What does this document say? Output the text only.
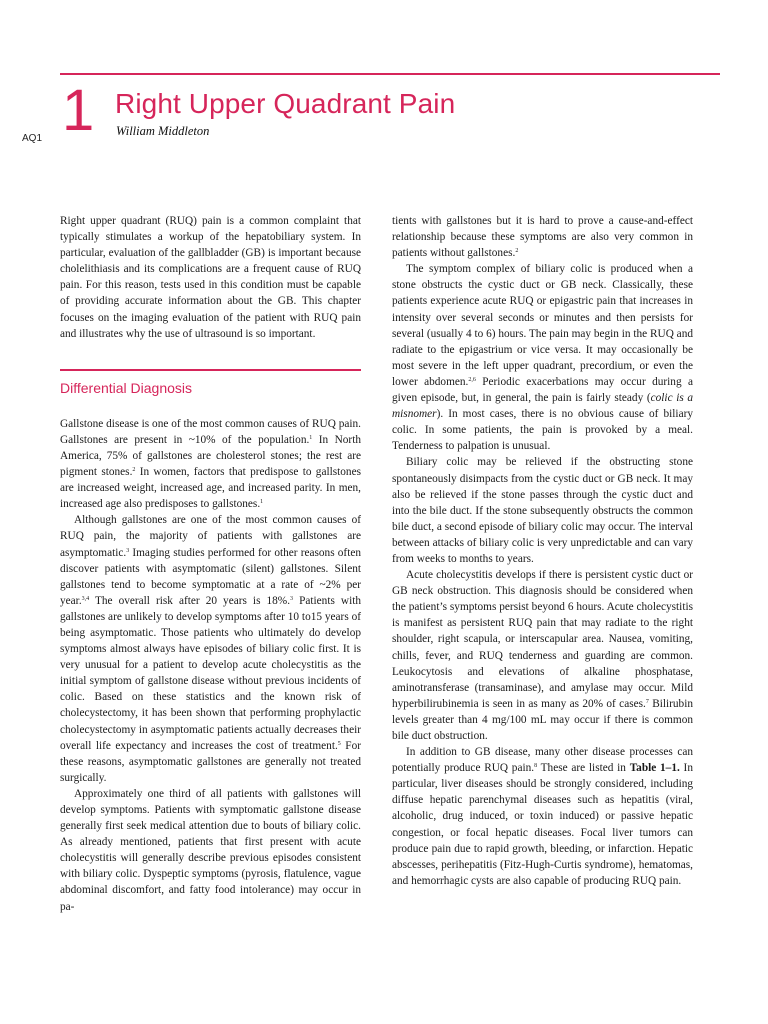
AQ1 1 Right Upper Quadrant Pain
William Middleton

Right upper quadrant (RUQ) pain is a common complaint that typically stimulates a workup of the hepatobiliary system. In particular, evaluation of the gallbladder (GB) is important because cholelithiasis and its complications are a frequent cause of RUQ pain. For this reason, tests used in this condition must be capable of providing accurate information about the GB. This chapter focuses on the imaging evaluation of the patient with RUQ pain and illustrates why the use of ultrasound is so important.

Differential Diagnosis

Gallstone disease is one of the most common causes of RUQ pain. Gallstones are present in ~10% of the population.$^1$ In North America, 75% of gallstones are cholesterol stones; the rest are pigment stones.$^2$ In women, factors that predispose to gallstones are increased weight, increased age, and increased parity. In men, increased age also predisposes to gallstones.$^1$

Although gallstones are one of the most common causes of RUQ pain, the majority of patients with gallstones are asymptomatic.$^3$ Imaging studies performed for other reasons often discover patients with asymptomatic (silent) gallstones. Silent gallstones tend to become symptomatic at a rate of ~2% per year.$^{3,4}$ The overall risk after 20 years is 18%.$^3$ Patients with gallstones are unlikely to develop symptoms after 10 to15 years of being asymptomatic. Those patients who ultimately do develop symptoms almost always have episodes of biliary colic first. It is very unusual for a patient to develop acute cholecystitis as the initial symptom of gallstone disease without previous incidents of colic. Based on these statistics and the known risk of cholecystectomy, it has been shown that performing prophylactic cholecystectomy in asymptomatic patients actually decreases their overall life expectancy and increases the cost of treatment.$^5$ For these reasons, asymptomatic gallstones are generally not treated surgically.

Approximately one third of all patients with gallstones will develop symptoms. Patients with symptomatic gallstone disease generally first seek medical attention due to bouts of biliary colic. As already mentioned, patients that first present with acute cholecystitis will generally describe previous episodes consistent with biliary colic. Dyspeptic symptoms (pyrosis, flatulence, vague abdominal discomfort, and fatty food intolerance) may occur in pa-

tients with gallstones but it is hard to prove a cause-and-effect relationship because these symptoms are also very common in patients without gallstones.$^2$

The symptom complex of biliary colic is produced when a stone obstructs the cystic duct or GB neck. Classically, these patients experience acute RUQ or epigastric pain that increases in intensity over several seconds or minutes and then persists for several (usually 4 to 6) hours. The pain may begin in the RUQ and radiate to the epigastrium or vice versa. It may occasionally be most severe in the left upper quadrant, precordium, or even the lower abdomen.$^{2,6}$ Periodic exacerbations may occur during a given episode, but, in general, the pain is fairly steady (colic is a misnomer). In most cases, there is no obvious cause of biliary colic. In some patients, the pain is provoked by a meal. Tenderness to palpation is unusual.

Biliary colic may be relieved if the obstructing stone spontaneously disimpacts from the cystic duct or GB neck. It may also be relieved if the stone passes through the cystic duct and into the bile duct. If the stone subsequently obstructs the common bile duct, a second episode of biliary colic may occur. The interval between attacks of biliary colic is very unpredictable and can vary from weeks to months to years.

Acute cholecystitis develops if there is persistent cystic duct or GB neck obstruction. This diagnosis should be considered when the patient’s symptoms persist beyond 6 hours. Acute cholecystitis is manifest as persistent RUQ pain that may radiate to the right shoulder, right scapula, or interscapular area. Nausea, vomiting, chills, fever, and RUQ tenderness and guarding are common. Leukocytosis and elevations of alkaline phosphatase, aminotransferase (transaminase), and amylase may occur. Mild hyperbilirubinemia is seen in as many as 20% of cases.$^7$ Bilirubin levels greater than 4 mg/100 mL may occur if there is common bile duct obstruction.

In addition to GB disease, many other disease processes can potentially produce RUQ pain.$^8$ These are listed in Table 1–1. In particular, liver diseases should be strongly considered, including diffuse hepatic parenchymal diseases such as hepatitis (viral, alcoholic, drug induced, or toxin induced) or passive hepatic congestion, or focal hepatic diseases. Focal liver tumors can produce pain due to rapid growth, bleeding, or infarction. Hepatic abscesses, perihepatitis (Fitz-Hugh-Curtis syndrome), hematomas, and hemorrhagic cysts are also capable of producing RUQ pain.
